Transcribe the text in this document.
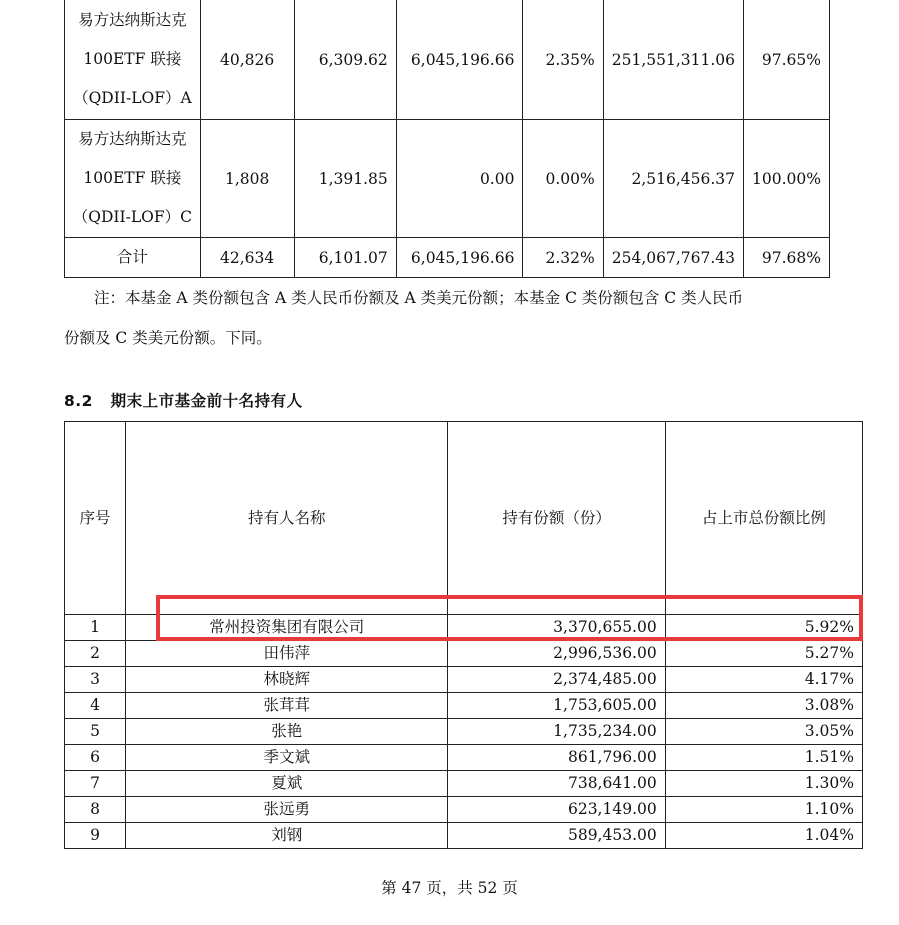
易方达纳斯达克
100ETF 联接
（QDII-LOF）A	40,826	6,309.62	6,045,196.66	2.35%	251,551,311.06	97.65%

易方达纳斯达克
100ETF 联接
（QDII-LOF）C	1,808	1,391.85	0.00	0.00%	2,516,456.37	100.00%
合计	42,634	6,101.07	6,045,196.66	2.32%	254,067,767.43	97.68%
注：本基金 A 类份额包含 A 类人民币份额及 A 类美元份额；本基金 C 类份额包含 C 类人民币
份额及 C 类美元份额。下同。
8.2 期末上市基金前十名持有人
序号	持有人名称	持有份额（份）	占上市总份额比例
1	常州投资集团有限公司	3,370,655.00	5.92%
2	田伟萍	2,996,536.00	5.27%
3	林晓辉	2,374,485.00	4.17%
4	张茸茸	1,753,605.00	3.08%
5	张艳	1,735,234.00	3.05%
6	季文斌	861,796.00	1.51%
7	夏斌	738,641.00	1.30%
8	张远勇	623,149.00	1.10%
9	刘钢	589,453.00	1.04%
第 47 页，共 52 页
